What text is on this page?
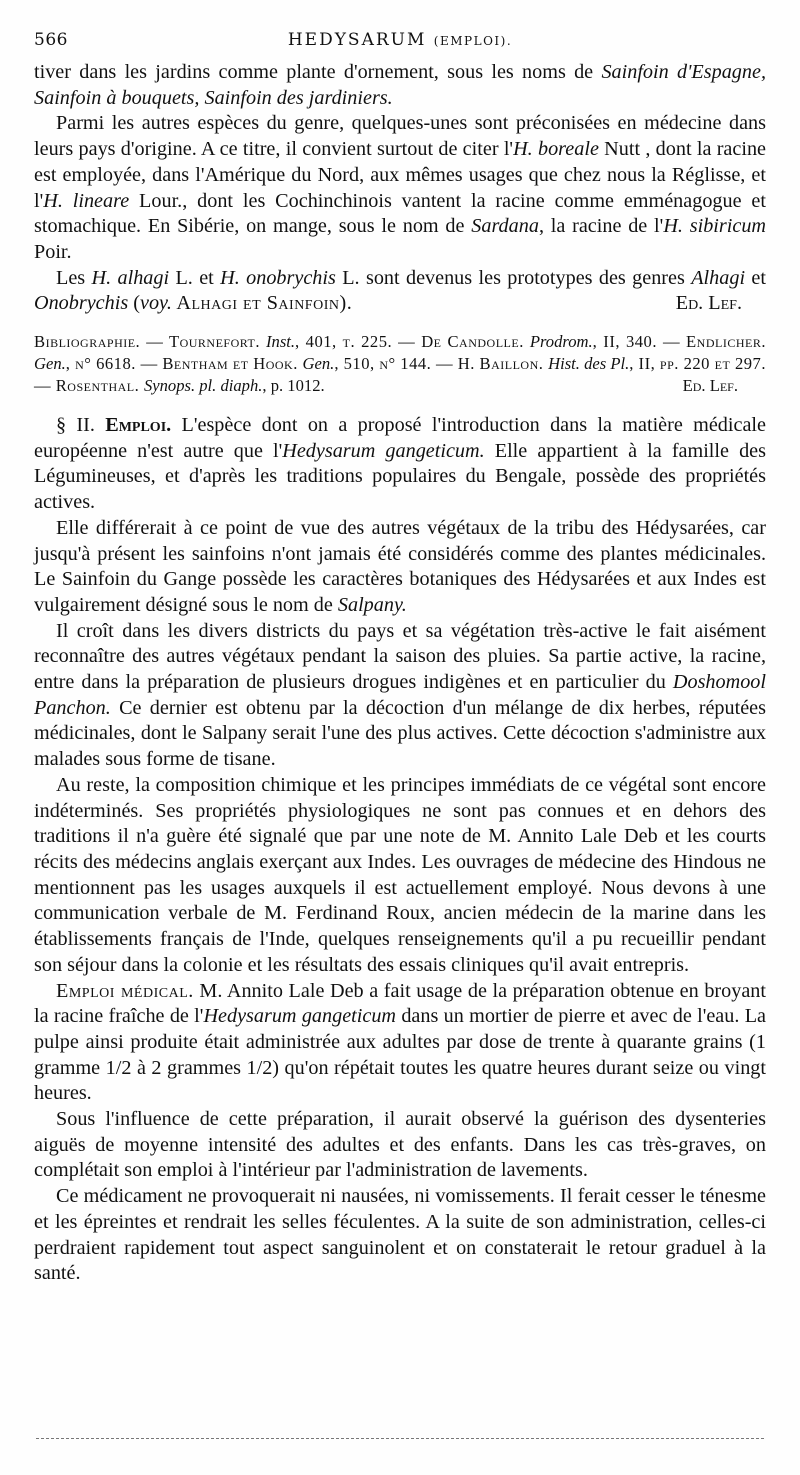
566	HEDYSARUM (EMPLOI).

tiver dans les jardins comme plante d'ornement, sous les noms de Sainfoin d'Espagne, Sainfoin à bouquets, Sainfoin des jardiniers.

Parmi les autres espèces du genre, quelques-unes sont préconisées en médecine dans leurs pays d'origine. A ce titre, il convient surtout de citer l'H. boreale Nutt , dont la racine est employée, dans l'Amérique du Nord, aux mêmes usages que chez nous la Réglisse, et l'H. lineare Lour., dont les Cochinchinois vantent la racine comme emménagogue et stomachique. En Sibérie, on mange, sous le nom de Sardana, la racine de l'H. sibiricum Poir.

Les H. alhagi L. et H. onobrychis L. sont devenus les prototypes des genres Alhagi et Onobrychis (voy. Alhagi et Sainfoin).	Ed. Lef.

Bibliographie. — Tournefort. Inst., 401, t. 225. — De Candolle. Prodrom., II, 340. — Endlicher. Gen., n° 6618. — Bentham et Hook. Gen., 510, n° 144. — H. Baillon. Hist. des Pl., II, pp. 220 et 297. — Rosenthal. Synops. pl. diaph., p. 1012.	Ed. Lef.

§ II. Emploi. L'espèce dont on a proposé l'introduction dans la matière médicale européenne n'est autre que l'Hedysarum gangeticum. Elle appartient à la famille des Légumineuses, et d'après les traditions populaires du Bengale, possède des propriétés actives.

Elle différerait à ce point de vue des autres végétaux de la tribu des Hédysarées, car jusqu'à présent les sainfoins n'ont jamais été considérés comme des plantes médicinales. Le Sainfoin du Gange possède les caractères botaniques des Hédysarées et aux Indes est vulgairement désigné sous le nom de Salpany.

Il croît dans les divers districts du pays et sa végétation très-active le fait aisément reconnaître des autres végétaux pendant la saison des pluies. Sa partie active, la racine, entre dans la préparation de plusieurs drogues indigènes et en particulier du Doshomool Panchon. Ce dernier est obtenu par la décoction d'un mélange de dix herbes, réputées médicinales, dont le Salpany serait l'une des plus actives. Cette décoction s'administre aux malades sous forme de tisane.

Au reste, la composition chimique et les principes immédiats de ce végétal sont encore indéterminés. Ses propriétés physiologiques ne sont pas connues et en dehors des traditions il n'a guère été signalé que par une note de M. Annito Lale Deb et les courts récits des médecins anglais exerçant aux Indes. Les ouvrages de médecine des Hindous ne mentionnent pas les usages auxquels il est actuellement employé. Nous devons à une communication verbale de M. Ferdinand Roux, ancien médecin de la marine dans les établissements français de l'Inde, quelques renseignements qu'il a pu recueillir pendant son séjour dans la colonie et les résultats des essais cliniques qu'il avait entrepris.

Emploi médical. M. Annito Lale Deb a fait usage de la préparation obtenue en broyant la racine fraîche de l'Hedysarum gangeticum dans un mortier de pierre et avec de l'eau. La pulpe ainsi produite était administrée aux adultes par dose de trente à quarante grains (1 gramme 1/2 à 2 grammes 1/2) qu'on répétait toutes les quatre heures durant seize ou vingt heures.

Sous l'influence de cette préparation, il aurait observé la guérison des dysenteries aiguës de moyenne intensité des adultes et des enfants. Dans les cas très-graves, on complétait son emploi à l'intérieur par l'administration de lavements.

Ce médicament ne provoquerait ni nausées, ni vomissements. Il ferait cesser le ténesme et les épreintes et rendrait les selles féculentes. A la suite de son administration, celles-ci perdraient rapidement tout aspect sanguinolent et on constaterait le retour graduel à la santé.
